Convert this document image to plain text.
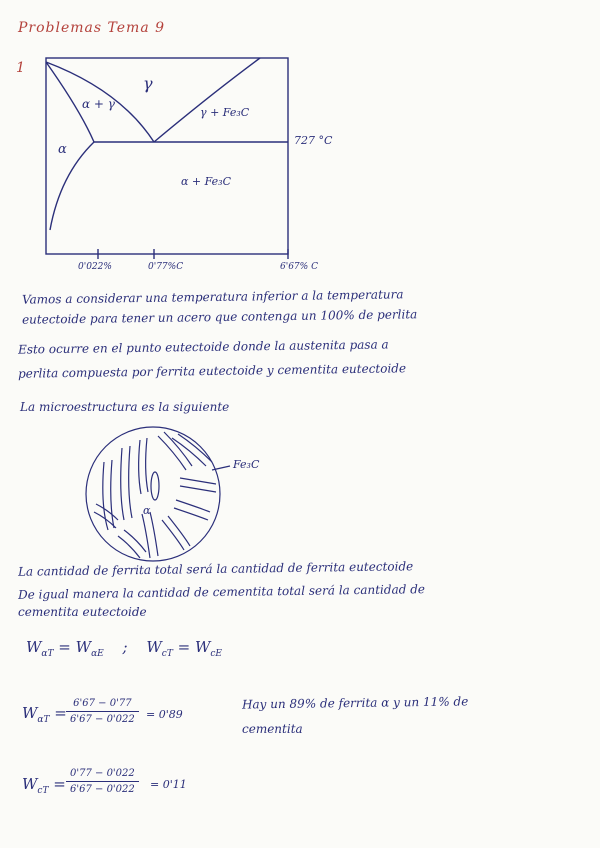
Problemas Tema 9
1
γ
α + γ
α
γ + Fe₃C
α + Fe₃C
727 °C
0'022%	0'77%C	6'67% C
Vamos a considerar una temperatura inferior a la temperatura
eutectoide para tener un acero que contenga un 100% de perlita
Esto ocurre en el punto eutectoide donde la austenita pasa a
perlita compuesta por ferrita eutectoide y cementita eutectoide
La microestructura es la siguiente
Fe₃C
α
La cantidad de ferrita total será la cantidad de ferrita eutectoide
De igual manera la cantidad de cementita total será la cantidad de
cementita eutectoide
$W_{\alpha T} = W_{\alpha E}$ ; $W_{cT} = W_{cE}$
$W_{\alpha T} = \frac{6'67 - 0'77}{6'67 - 0'022} = 0'89$
Hay un 89% de ferrita α y un 11% de
cementita
$W_{cT} = \frac{0'77 - 0'022}{6'67 - 0'022} = 0'11$
